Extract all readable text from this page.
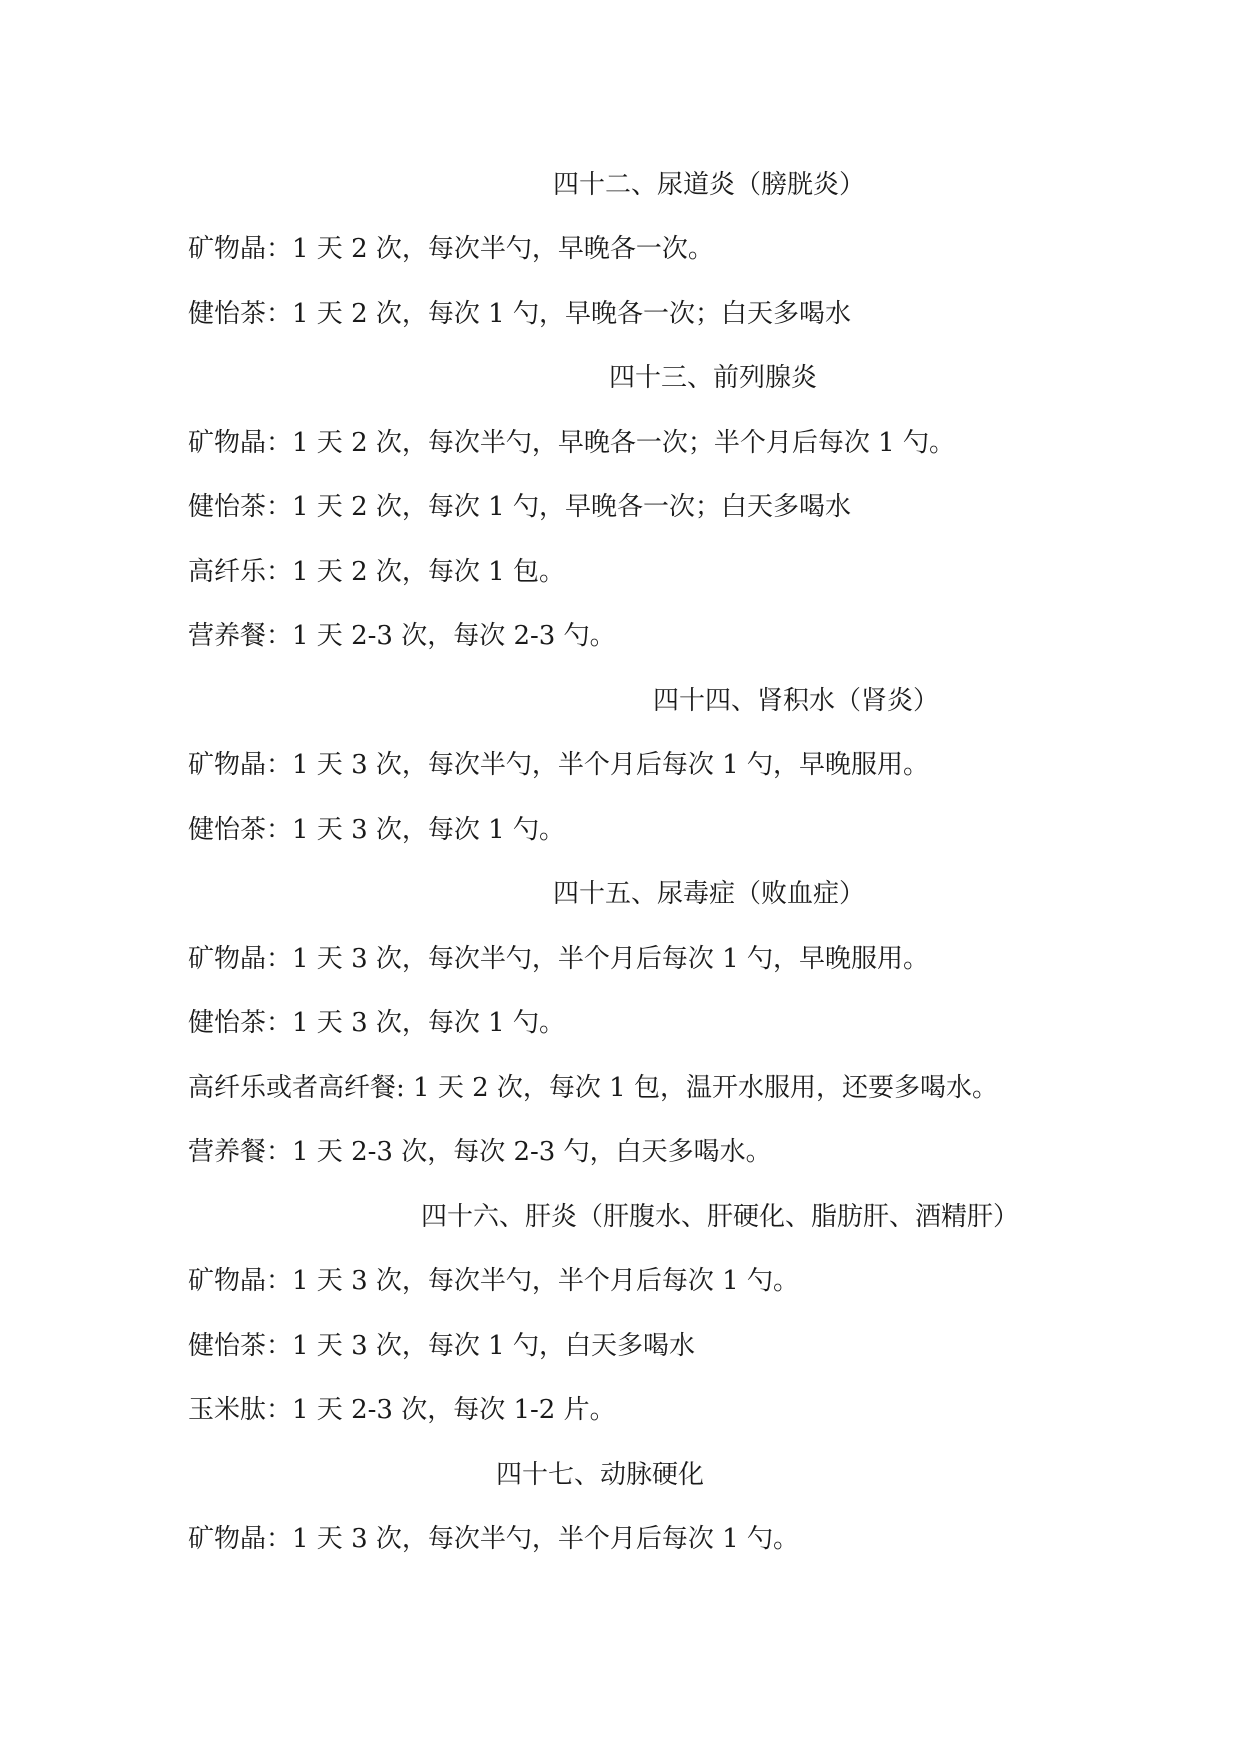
四十二、尿道炎（膀胱炎）
矿物晶：1 天 2 次，每次半勺，早晚各一次。
健怡茶：1 天 2 次，每次 1 勺，早晚各一次；白天多喝水
四十三、前列腺炎
矿物晶：1 天 2 次，每次半勺，早晚各一次；半个月后每次 1 勺。
健怡茶：1 天 2 次，每次 1 勺，早晚各一次；白天多喝水
高纤乐：1 天 2 次，每次 1 包。
营养餐：1 天 2-3 次，每次 2-3 勺。
四十四、肾积水（肾炎）
矿物晶：1 天 3 次，每次半勺，半个月后每次 1 勺，早晚服用。
健怡茶：1 天 3 次，每次 1 勺。
四十五、尿毒症（败血症）
矿物晶：1 天 3 次，每次半勺，半个月后每次 1 勺，早晚服用。
健怡茶：1 天 3 次，每次 1 勺。
高纤乐或者高纤餐: 1 天 2 次，每次 1 包，温开水服用，还要多喝水。
营养餐：1 天 2-3 次，每次 2-3 勺，白天多喝水。
四十六、肝炎（肝腹水、肝硬化、脂肪肝、酒精肝）
矿物晶：1 天 3 次，每次半勺，半个月后每次 1 勺。
健怡茶：1 天 3 次，每次 1 勺，白天多喝水
玉米肽：1 天 2-3 次，每次 1-2 片。
四十七、动脉硬化
矿物晶：1 天 3 次，每次半勺，半个月后每次 1 勺。
